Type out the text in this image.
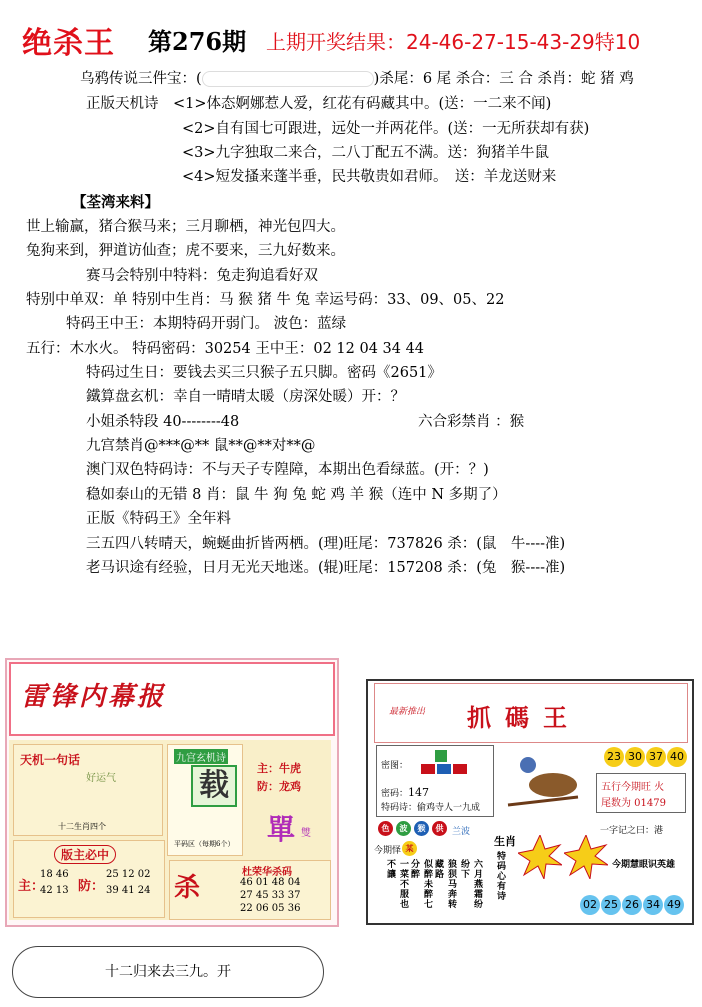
绝杀王 第276期 上期开奖结果：24-46-27-15-43-29特10
乌鸦传说三件宝：(	)杀尾：6 尾 杀合：三 合 杀肖：蛇 猪 鸡
正版天机诗　<1>体态婀娜惹人爱，红花有码藏其中。(送：一二来不闻)
<2>自有国七可跟进，远处一并两花伴。(送：一无所获却有获)
<3>九字独取二来合，二八丁配五不满。送：狗猪羊牛鼠
<4>短发搔来蓬半垂，民共敬贵如君师。　送：羊龙送财来
【荃湾来料】
世上输赢，猪合猴马来；三月聊栖，神光包四大。
兔狗来到，狎道访仙查；虎不要来，三九好数来。
赛马会特别中特料：兔走狗追看好双
特别中单双：单 特别中生肖：马 猴 猪 牛 兔 幸运号码：33、09、05、22
特码王中王：本期特码开弱门。 波色：蓝绿
五行：木水火。 特码密码：30254 王中王：02 12 04 34 44
特码过生日：要钱去买三只猴子五只脚。密码《2651》
鐵算盘玄机：幸自一晴晴太暖（房深处暖）开：？
小姐杀特段 40--------48	六合彩禁肖 ：猴
九宫禁肖@***@** 鼠**@**对**@
澳门双色特码诗：不与天子专隍障，本期出色看绿蓝。(开：？)
稳如泰山的无错 8 肖：鼠 牛 狗 兔 蛇 鸡 羊 猴（连中 N 多期了）
正版《特码王》全年料
三五四八转晴天，蜿蜒曲折皆两栖。(理)旺尾：737826 杀：(鼠　牛----准)
老马识途有经验，日月无光天地迷。(辊)旺尾：157208 杀：(兔　猴----准)
雷锋内幕报
天机一句话
好运气
十二生肖四个
九宫玄机诗
平码区（每期6个）
主：牛虎
防：龙鸡
單 雙
版主必中
主：
18 46
42 13 防：
25 12 02
39 41 24 杀
杜荣华杀码
46 01 48 04
27 45 33 37
22 06 05 36
载
十二归来去三九。开
最新推出 抓碼王
23 30 37 40
密图：
密码：147
特码诗：偷鸡寺人一九成
五行今期旺 火
尾数为 01479
色	波	猴	供 兰波	一字记之曰：港
今期怿 某
一菜不服也不讓	似醉未醉七分醉	狼狈马奔转藏路	六月燕霜纷纷下
生肖
特码心有诗	今期慧眼识英雄
02 25 26 34 49
